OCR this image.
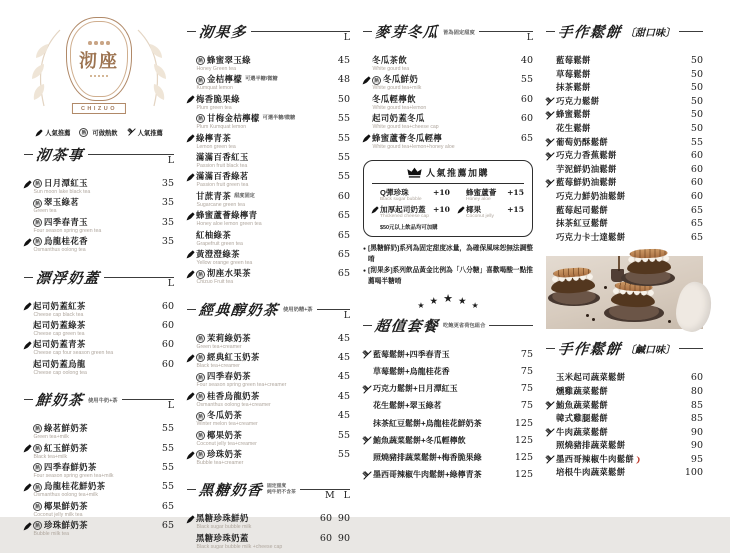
沏座
CHIZUO
人氣推薦	熱 可做熱飲	人氣推薦
沏茶事	L
熱 日月潭紅玉	35
Sun moon lake black tea
熱 翠玉綠茗	35
Green tea
熱 四季春青玉	35
Four season spring green tea
熱 烏龍桂花香	35
Osmanthus oolong tea
漂浮奶蓋	L
起司奶蓋紅茶	60
Cheese cap black tea
起司奶蓋綠茶	60
Cheese cap green tea
起司奶蓋青茶	60
Cheese cap four season green tea
起司奶蓋烏龍	60
Cheese cap oolong tea
鮮奶茶 使用牛奶+茶	L
熱 綠茗鮮奶茶	55
Green tea+milk
熱 紅玉鮮奶茶	55
Black tea+milk
熱 四季春鮮奶茶	55
Four season spring green tea+milk
熱 烏龍桂花鮮奶茶	55
Osmanthus oolong tea+milk
熱 椰果鮮奶茶	65
Coconut jelly milk tea
熱 珍珠鮮奶茶	65
Bubble milk tea
沏果多	L
熱 蜂蜜翠玉綠	45
Honey Green tea
熱 金桔檸檬 可選半糖/微糖	48
Kumquat lemon
梅香脆果綠	50
Plum green tea
熱 甘梅金桔檸檬 可選半糖/微糖	55
Plum Kumquat lemon
綠檸青茶	55
Lemon green tea
滿滿百香紅玉	55
Passion fruit black tea
滿滿百香綠茗	55
Passion fruit green tea
甘蔗青茶 甜度固定	60
Sugarcane green tea
蜂蜜蘆薈綠檸青	65
Honey aloe lemon green tea
紅柚綠茶	65
Grapefruit green tea
黃澄澄綠茶	65
Yellow orange green tea
熱 沏座水果茶	65
Chizuo Fruit tea
經典醇奶茶 使用奶精+茶	L
熱 茉莉綠奶茶	45
Green tea+creamer
熱 經典紅玉奶茶	45
Black tea+creamer
熱 四季春奶茶	45
Four season spring green tea+creamer
熱 桂香烏龍奶茶	45
Osmanthus oolong tea+creamer
熱 冬瓜奶茶	45
Winter melon tea+creamer
熱 椰果奶茶	55
Coconut jelly tea+creamer
熱 珍珠奶茶	55
Bubble tea+creamer
黑糖奶香 固定甜度
純牛奶不含茶	M L
黑糖珍珠鮮奶	60 90
Black sugar bubble milk
黑糖珍珠奶蓋	60 90
Black sugar bubble milk +cheese cap
麥芽冬瓜 皆為固定甜度	L
冬瓜茶飲	40
White gourd tea
熱 冬瓜鮮奶	55
White gourd tea+milk
冬瓜輕檸飲	60
White gourd tea+lemon
起司奶蓋冬瓜	60
White gourd tea+cheese cap
蜂蜜蘆薈冬瓜輕檸	65
White gourd tea+lemon+honey aloe
人氣推薦加購
Q彈珍珠	+10
Black sugar bubble
蜂蜜蘆薈 +15
Honey aloe
加厚起司奶蓋 +10
Thickened cheese cap
椰果	+15
Coconut jelly
$50元以上飲品均可加購
● [黑糖鮮奶]系列為固定甜度冰量，為確保風味恕無法調整唷
● [沏果多]系列飲品黃金比例為「八分糖」喜歡喝酸一點推薦喝半糖唷
★ ★ ★ ★ ★
超值套餐 吃飽更省荷包組合
藍莓鬆餅+四季春青玉	75
草莓鬆餅+烏龍桂花香	75
巧克力鬆餅+日月潭紅玉	75
花生鬆餅+翠玉綠茗	75
抹茶紅豆鬆餅+烏龍桂花鮮奶茶	125
鮪魚蔬菜鬆餅+冬瓜輕檸飲	125
照燒豬排蔬菜鬆餅+梅香脆果綠	125
墨西哥辣椒牛肉鬆餅+綠檸青茶	125
手作鬆餅 〔甜口味〕
藍莓鬆餅	50
草莓鬆餅	50
抹茶鬆餅	50
巧克力鬆餅	50
蜂蜜鬆餅	50
花生鬆餅	50
葡萄奶酥鬆餅	55
巧克力香蕉鬆餅	60
芋泥鮮奶油鬆餅	60
藍莓鮮奶油鬆餅	60
巧克力鮮奶油鬆餅	60
藍莓起司鬆餅	65
抹茶紅豆鬆餅	65
巧克力卡士達鬆餅	65
手作鬆餅 〔鹹口味〕
玉米起司蔬菜鬆餅	60
燻雞蔬菜鬆餅	80
鮪魚蔬菜鬆餅	85
韓式雞腿鬆餅	85
牛肉蔬菜鬆餅	90
照燒豬排蔬菜鬆餅	90
墨西哥辣椒牛肉鬆餅	95
培根牛肉蔬菜鬆餅	100
